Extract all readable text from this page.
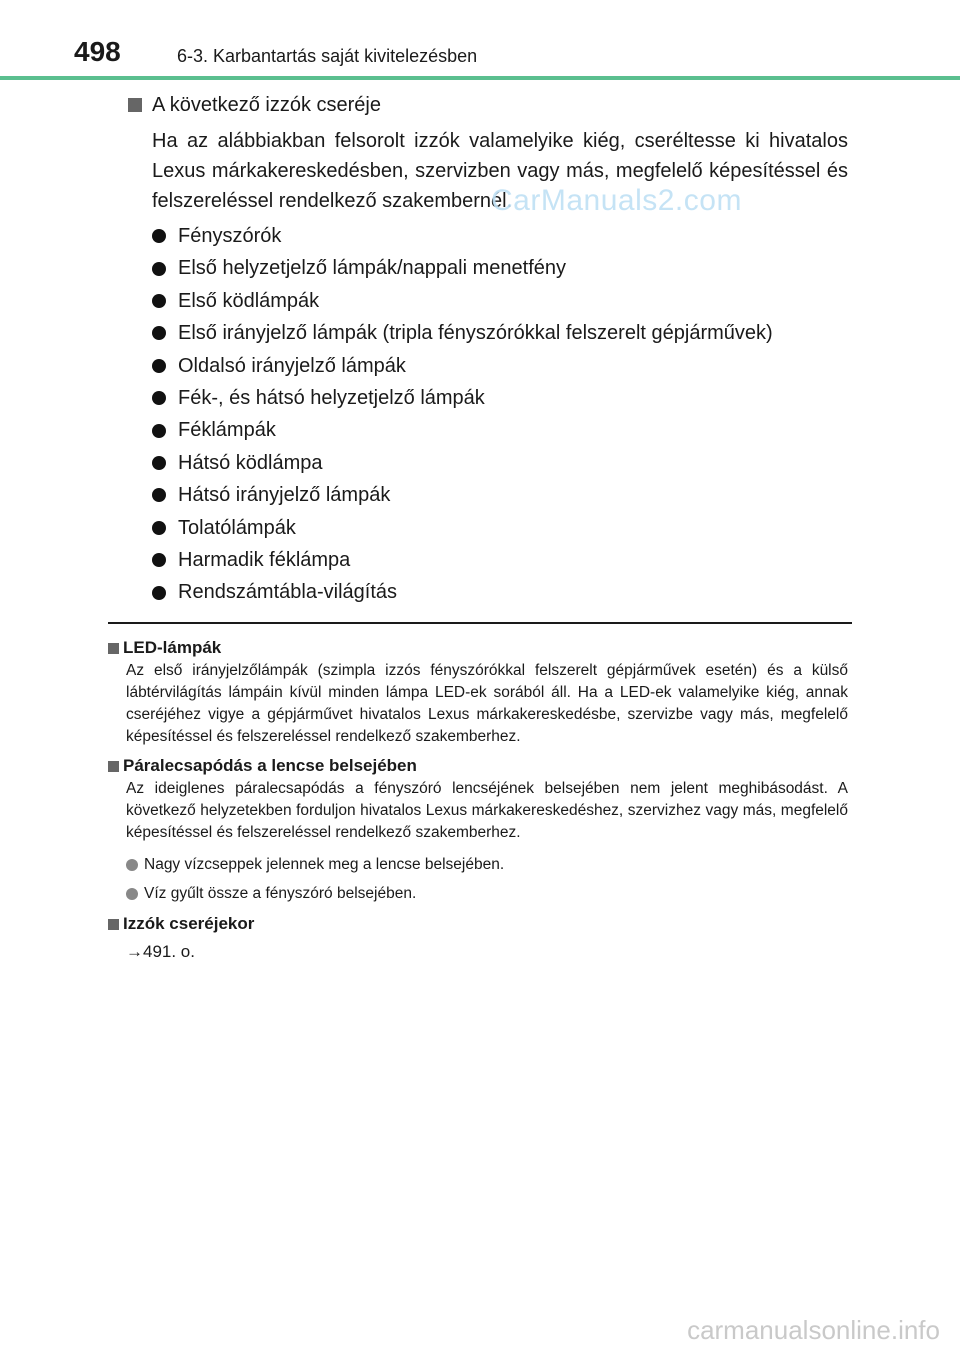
498	6-3. Karbantartás saját kivitelezésben
A következő izzók cseréje
Ha az alábbiakban felsorolt izzók valamelyike kiég, cseréltesse ki hivatalos Lexus márkakereskedésben, szervizben vagy más, megfelelő képesítéssel és felszereléssel rendelkező szakembernél.
CarManuals2.com
Fényszórók
Első helyzetjelző lámpák/nappali menetfény
Első ködlámpák
Első irányjelző lámpák (tripla fényszórókkal felszerelt gépjárművek)
Oldalsó irányjelző lámpák
Fék-, és hátsó helyzetjelző lámpák
Féklámpák
Hátsó ködlámpa
Hátsó irányjelző lámpák
Tolatólámpák
Harmadik féklámpa
Rendszámtábla-világítás
LED-lámpák
Az első irányjelzőlámpák (szimpla izzós fényszórókkal felszerelt gépjárművek esetén) és a külső lábtérvilágítás lámpáin kívül minden lámpa LED-ek sorából áll. Ha a LED-ek valamelyike kiég, annak cseréjéhez vigye a gépjárművet hivatalos Lexus márkakereskedésbe, szervizbe vagy más, megfelelő képesítéssel és felszereléssel rendelkező szakemberhez.
Páralecsapódás a lencse belsejében
Az ideiglenes páralecsapódás a fényszóró lencséjének belsejében nem jelent meghibásodást. A következő helyzetekben forduljon hivatalos Lexus márkakereskedéshez, szervizhez vagy más, megfelelő képesítéssel és felszereléssel rendelkező szakemberhez.
Nagy vízcseppek jelennek meg a lencse belsejében.
Víz gyűlt össze a fényszóró belsejében.
Izzók cseréjekor
→491. o.
carmanualsonline.info
